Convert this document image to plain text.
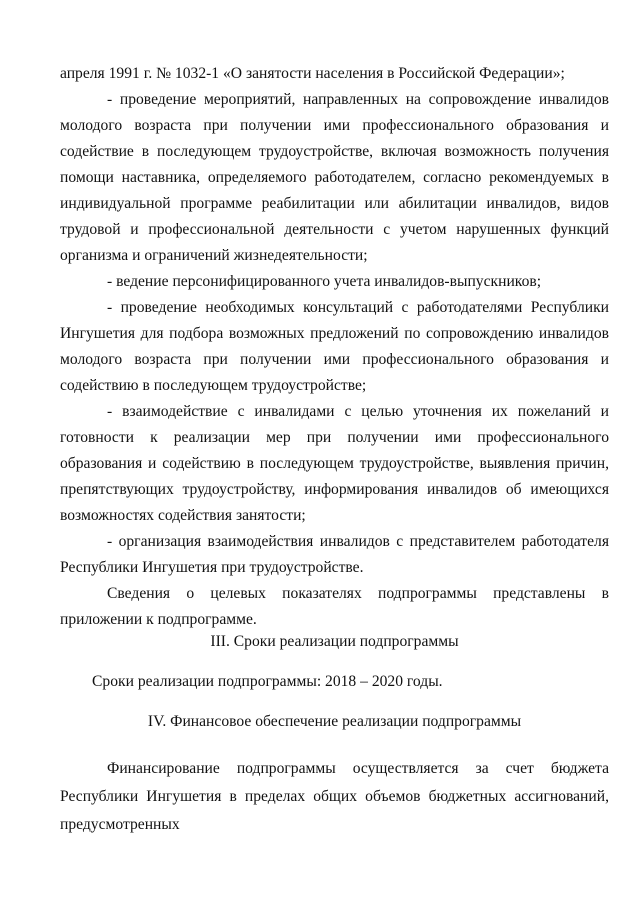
апреля 1991 г. № 1032-1 «О занятости населения в Российской Федерации»;

- проведение мероприятий, направленных на сопровождение инвалидов молодого возраста при получении ими профессионального образования и содействие в последующем трудоустройстве, включая возможность получения помощи наставника, определяемого работодателем, согласно рекомендуемых в индивидуальной программе реабилитации или абилитации инвалидов, видов трудовой и профессиональной деятельности с учетом нарушенных функций организма и ограничений жизнедеятельности;

- ведение персонифицированного учета инвалидов-выпускников;

- проведение необходимых консультаций с работодателями Республики Ингушетия для подбора возможных предложений по сопровождению инвалидов молодого возраста при получении ими профессионального образования и содействию в последующем трудоустройстве;

- взаимодействие с инвалидами с целью уточнения их пожеланий и готовности к реализации мер при получении ими профессионального образования и содействию в последующем трудоустройстве, выявления причин, препятствующих трудоустройству, информирования инвалидов об имеющихся возможностях содействия занятости;

- организация взаимодействия инвалидов с представителем работодателя Республики Ингушетия при трудоустройстве.

Сведения о целевых показателях подпрограммы представлены в приложении к подпрограмме.

III. Сроки реализации подпрограммы

Сроки реализации подпрограммы: 2018 – 2020 годы.

IV. Финансовое обеспечение реализации подпрограммы

Финансирование подпрограммы осуществляется за счет бюджета Республики Ингушетия в пределах общих объемов бюджетных ассигнований, предусмотренных
